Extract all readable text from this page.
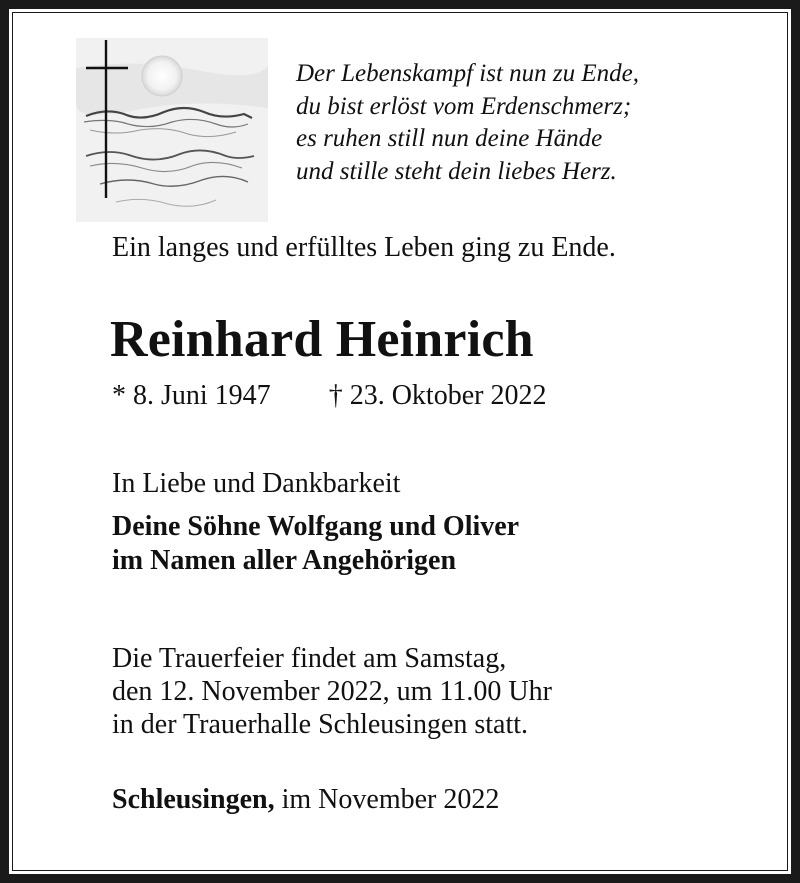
Der Lebenskampf ist nun zu Ende,
du bist erlöst vom Erdenschmerz;
es ruhen still nun deine Hände
und stille steht dein liebes Herz.
Ein langes und erfülltes Leben ging zu Ende.
Reinhard Heinrich
* 8. Juni 1947 † 23. Oktober 2022
In Liebe und Dankbarkeit
Deine Söhne Wolfgang und Oliver
im Namen aller Angehörigen
Die Trauerfeier findet am Samstag,
den 12. November 2022, um 11.00 Uhr
in der Trauerhalle Schleusingen statt.
Schleusingen, im November 2022
